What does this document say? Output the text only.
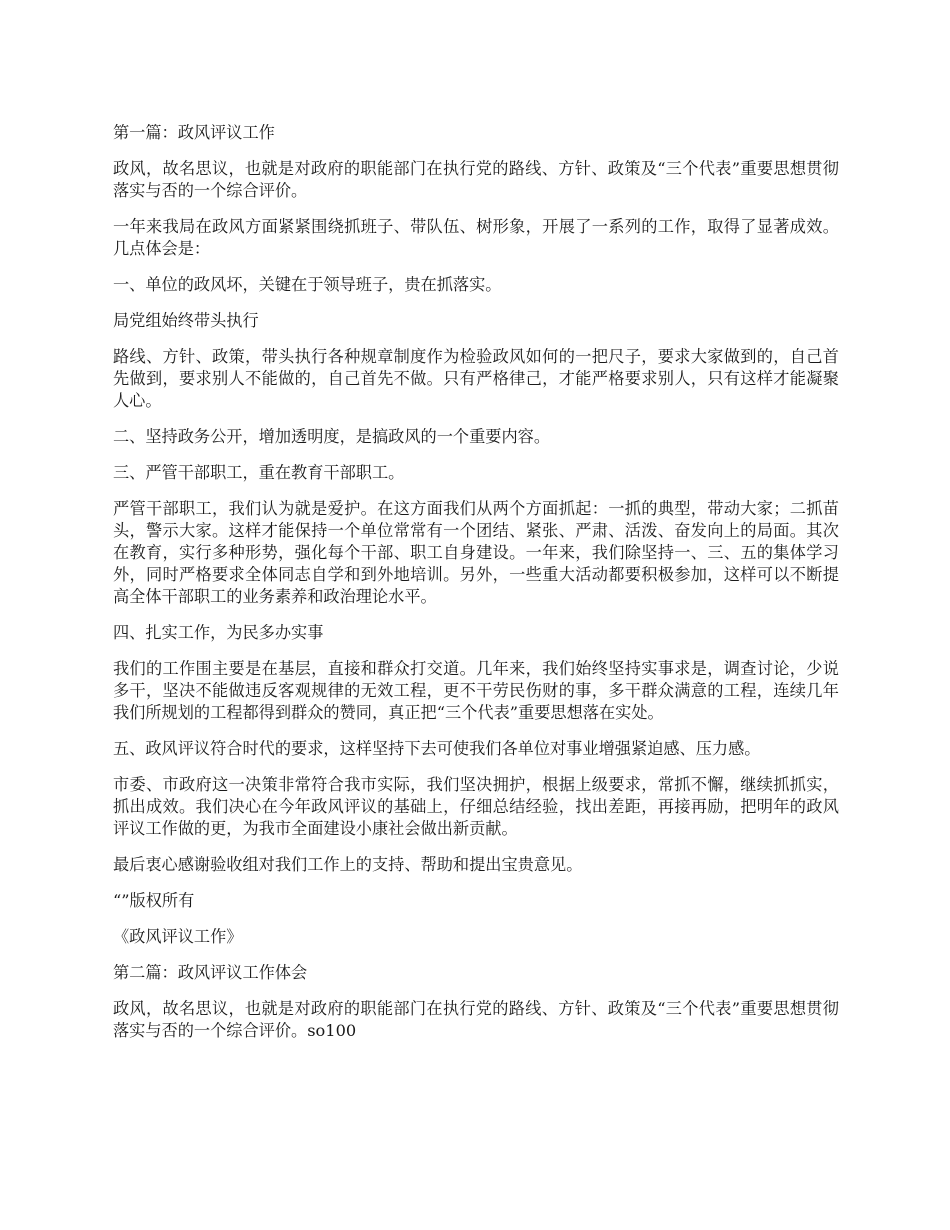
第一篇：政风评议工作

政风，故名思议，也就是对政府的职能部门在执行党的路线、方针、政策及“三个代表”重要思想贯彻落实与否的一个综合评价。

一年来我局在政风方面紧紧围绕抓班子、带队伍、树形象，开展了一系列的工作，取得了显著成效。几点体会是：

一、单位的政风坏，关键在于领导班子，贵在抓落实。

局党组始终带头执行

路线、方针、政策，带头执行各种规章制度作为检验政风如何的一把尺子，要求大家做到的，自己首先做到，要求别人不能做的，自己首先不做。只有严格律己，才能严格要求别人，只有这样才能凝聚人心。

二、坚持政务公开，增加透明度，是搞政风的一个重要内容。

三、严管干部职工，重在教育干部职工。

严管干部职工，我们认为就是爱护。在这方面我们从两个方面抓起：一抓的典型，带动大家；二抓苗头，警示大家。这样才能保持一个单位常常有一个团结、紧张、严肃、活泼、奋发向上的局面。其次在教育，实行多种形势，强化每个干部、职工自身建设。一年来，我们除坚持一、三、五的集体学习外，同时严格要求全体同志自学和到外地培训。另外，一些重大活动都要积极参加，这样可以不断提高全体干部职工的业务素养和政治理论水平。

四、扎实工作，为民多办实事

我们的工作围主要是在基层，直接和群众打交道。几年来，我们始终坚持实事求是，调查讨论，少说多干，坚决不能做违反客观规律的无效工程，更不干劳民伤财的事，多干群众满意的工程，连续几年我们所规划的工程都得到群众的赞同，真正把“三个代表”重要思想落在实处。

五、政风评议符合时代的要求，这样坚持下去可使我们各单位对事业增强紧迫感、压力感。

市委、市政府这一决策非常符合我市实际，我们坚决拥护，根据上级要求，常抓不懈，继续抓抓实，抓出成效。我们决心在今年政风评议的基础上，仔细总结经验，找出差距，再接再励，把明年的政风评议工作做的更，为我市全面建设小康社会做出新贡献。

最后衷心感谢验收组对我们工作上的支持、帮助和提出宝贵意见。

“”版权所有

《政风评议工作》

第二篇：政风评议工作体会

政风，故名思议，也就是对政府的职能部门在执行党的路线、方针、政策及“三个代表”重要思想贯彻落实与否的一个综合评价。so100
